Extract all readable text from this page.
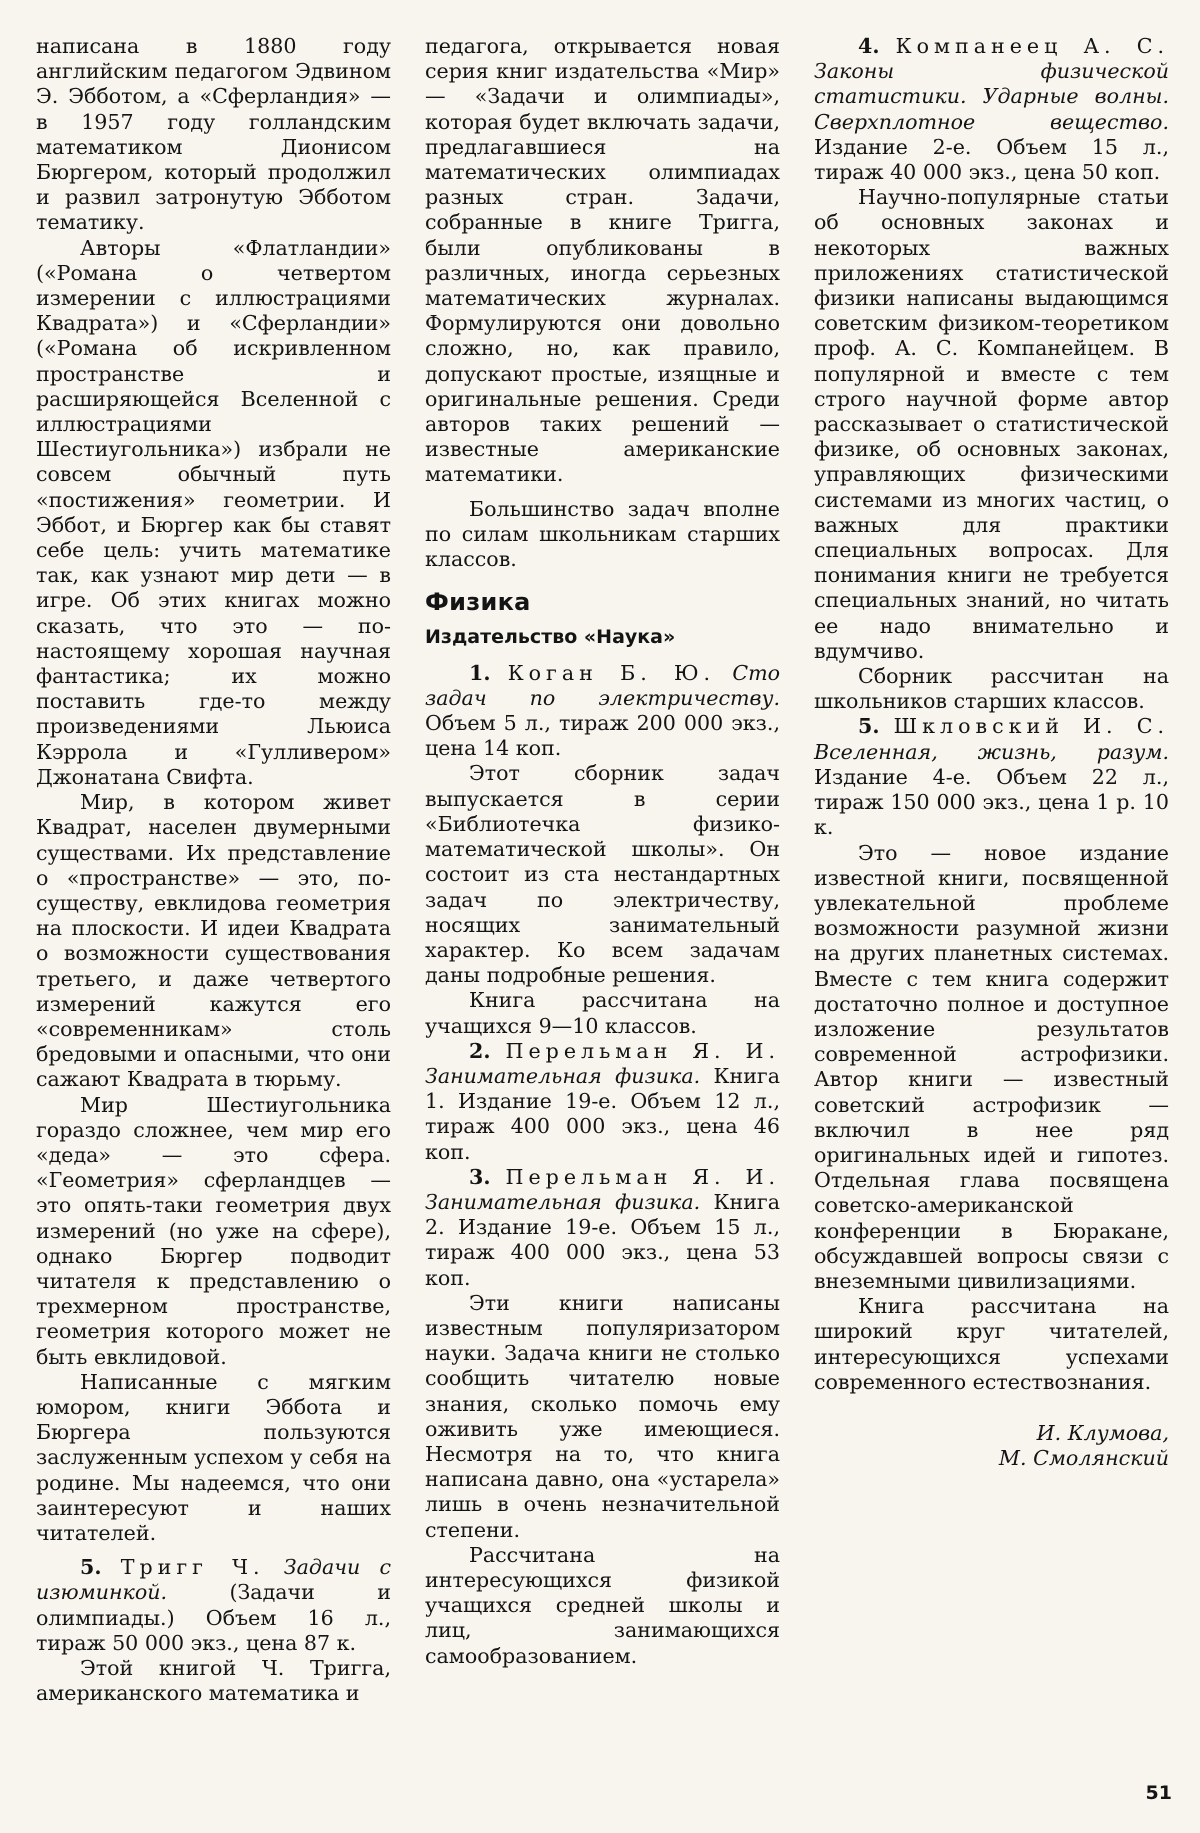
написана в 1880 году английским педагогом Эдвином Э. Эбботом, а «Сферландия» — в 1957 году голландским математиком Дионисом Бюргером, который продолжил и развил затронутую Эбботом тематику.

Авторы «Флатландии» («Романа о четвертом измерении с иллюстрациями Квадрата») и «Сферландии» («Романа об искривленном пространстве и расширяющейся Вселенной с иллюстрациями Шестиугольника») избрали не совсем обычный путь «постижения» геометрии. И Эббот, и Бюргер как бы ставят себе цель: учить математике так, как узнают мир дети — в игре. Об этих книгах можно сказать, что это — по-настоящему хорошая научная фантастика; их можно поставить где-то между произведениями Льюиса Кэррола и «Гулливером» Джонатана Свифта.

Мир, в котором живет Квадрат, населен двумерными существами. Их представление о «пространстве» — это, по-существу, евклидова геометрия на плоскости. И идеи Квадрата о возможности существования третьего, и даже четвертого измерений кажутся его «современникам» столь бредовыми и опасными, что они сажают Квадрата в тюрьму.

Мир Шестиугольника гораздо сложнее, чем мир его «деда» — это сфера. «Геометрия» сферландцев — это опять-таки геометрия двух измерений (но уже на сфере), однако Бюргер подводит читателя к представлению о трехмерном пространстве, геометрия которого может не быть евклидовой.

Написанные с мягким юмором, книги Эббота и Бюргера пользуются заслуженным успехом у себя на родине. Мы надеемся, что они заинтересуют и наших читателей.

5. Тригг Ч. Задачи с изюминкой.	(Задачи и олимпиады.) Объем 16 л., тираж 50 000 экз., цена 87 к.

Этой книгой Ч. Тригга, американского математика и

педагога, открывается новая серия книг издательства «Мир» — «Задачи и олимпиады», которая будет включать задачи, предлагавшиеся на математических олимпиадах разных стран. Задачи, собранные в книге Тригга, были опубликованы в различных, иногда серьезных математических журналах. Формулируются они довольно сложно, но, как правило, допускают простые, изящные и оригинальные решения. Среди авторов таких решений — известные американские математики.

Большинство задач вполне по силам школьникам старших классов.

Физика
Издательство «Наука»

1. Коган Б. Ю. Сто задач по электричеству. Объем 5 л., тираж 200 000 экз., цена 14 коп.

Этот сборник задач выпускается в серии «Библиотечка физико-математической школы». Он состоит из ста нестандартных задач по электричеству, носящих занимательный характер. Ко всем задачам даны подробные решения.

Книга рассчитана на учащихся 9—10 классов.

2. Перельман Я. И. Занимательная физика. Книга 1. Издание 19-е. Объем 12 л., тираж 400 000 экз., цена 46 коп.

3. Перельман Я. И. Занимательная физика. Книга 2. Издание 19-е. Объем 15 л., тираж 400 000 экз., цена 53 коп.

Эти книги написаны известным популяризатором науки. Задача книги не столько сообщить читателю новые знания, сколько помочь ему оживить уже имеющиеся. Несмотря на то, что книга написана давно, она «устарела» лишь в очень незначительной степени.

Рассчитана на интересующихся физикой учащихся средней школы и лиц, занимающихся самообразованием.

4. Компанеец А. С. Законы физической статистики. Ударные волны. Сверхплотное вещество. Издание 2-е. Объем 15 л., тираж 40 000 экз., цена 50 коп.

Научно-популярные статьи об основных законах и некоторых важных приложениях статистической физики написаны выдающимся советским физиком-теоретиком проф. А. С. Компанейцем. В популярной и вместе с тем строго научной форме автор рассказывает о статистической физике, об основных законах, управляющих физическими системами из многих частиц, о важных для практики специальных вопросах. Для понимания книги не требуется специальных знаний, но читать ее надо внимательно и вдумчиво.

Сборник рассчитан на школьников старших классов.

5. Шкловский И. С. Вселенная, жизнь, разум. Издание 4-е. Объем 22 л., тираж 150 000 экз., цена 1 р. 10 к.

Это — новое издание известной книги, посвященной увлекательной проблеме возможности разумной жизни на других планетных системах. Вместе с тем книга содержит достаточно полное и доступное изложение результатов современной астрофизики. Автор книги — известный советский астрофизик — включил в нее ряд оригинальных идей и гипотез. Отдельная глава посвящена советско-американской конференции в Бюракане, обсуждавшей вопросы связи с внеземными цивилизациями.

Книга рассчитана на широкий круг читателей, интересующихся успехами современного естествознания.

И. Клумова,
М. Смолянский
51
